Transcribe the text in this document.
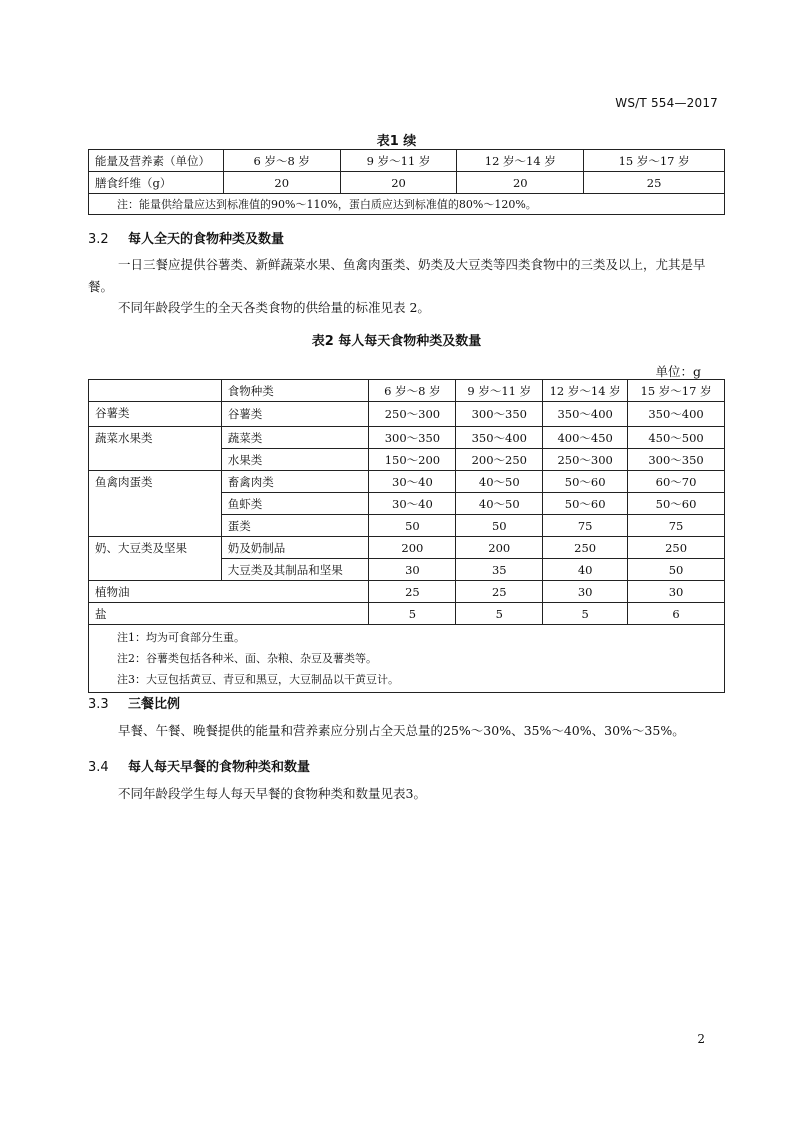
WS/T 554—2017
表1 续
能量及营养素（单位）	6 岁～8 岁	9 岁～11 岁	12 岁～14 岁	15 岁～17 岁
膳食纤维（g）	20	20	20	25
注：能量供给量应达到标准值的90%～110%，蛋白质应达到标准值的80%～120%。				
3.2 每人全天的食物种类及数量
一日三餐应提供谷薯类、新鲜蔬菜水果、鱼禽肉蛋类、奶类及大豆类等四类食物中的三类及以上，尤其是早餐。
不同年龄段学生的全天各类食物的供给量的标准见表 2。
表2 每人每天食物种类及数量
单位：g
	食物种类	6 岁～8 岁	9 岁～11 岁	12 岁～14 岁	15 岁～17 岁
谷薯类	谷薯类	250～300	300～350	350～400	350～400
蔬菜水果类	蔬菜类	300～350	350～400	400～450	450～500
	水果类	150～200	200～250	250～300	300～350
鱼禽肉蛋类	畜禽肉类	30～40	40～50	50～60	60～70
	鱼虾类	30～40	40～50	50～60	50～60
	蛋类	50	50	75	75
奶、大豆类及坚果	奶及奶制品	200	200	250	250
	大豆类及其制品和坚果	30	35	40	50
植物油		25	25	30	30
盐		5	5	5	6

注1：均为可食部分生重。
注2：谷薯类包括各种米、面、杂粮、杂豆及薯类等。
注3：大豆包括黄豆、青豆和黑豆，大豆制品以干黄豆计。					
3.3 三餐比例
早餐、午餐、晚餐提供的能量和营养素应分别占全天总量的25%～30%、35%～40%、30%～35%。
3.4 每人每天早餐的食物种类和数量
不同年龄段学生每人每天早餐的食物种类和数量见表3。
2
